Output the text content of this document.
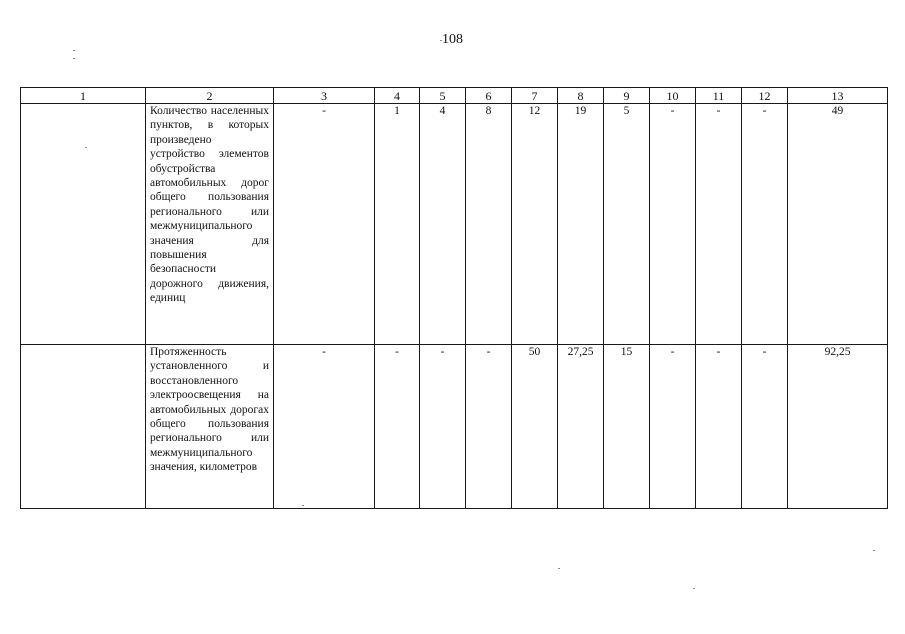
108
1	2	3	4	5	6	7	8	9	10	11	12	13
	Количество населенных пунктов, в которых произведено устройство элементов обустройства автомобильных дорог общего пользования регионального или межмуниципального значения для повышения безопасности дорожного движения, единиц	-	1	4	8	12	19	5	-	-	-	49
	Протяженность установленного и восстановленного электроосвещения на автомобильных дорогах общего пользования регионального или межмуниципального значения, километров	-	-	-	-	50	27,25	15	-	-	-	92,25
